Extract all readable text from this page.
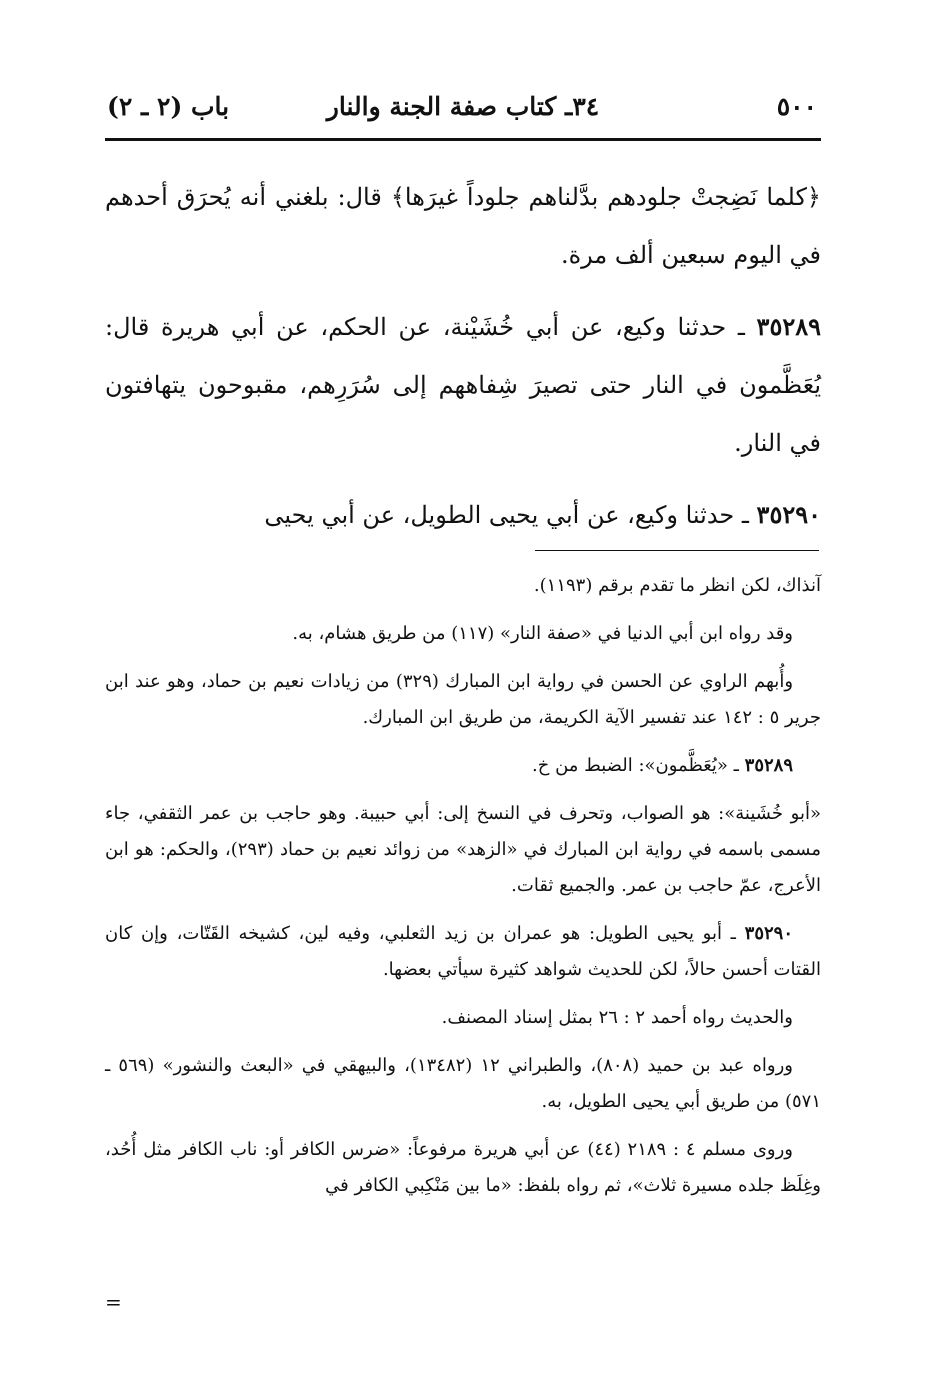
٥٠٠
٣٤ـ كتاب صفة الجنة والنار
باب (٢ ـ ٢)

﴿كلما نَضِجتْ جلودهم بدَّلناهم جلوداً غيرَها﴾ قال: بلغني أنه يُحرَق أحدهم في اليوم سبعين ألف مرة.

٣٥٢٨٩ ـ حدثنا وكيع، عن أبي خُشَيْنة، عن الحكم، عن أبي هريرة قال: يُعَظَّمون في النار حتى تصيرَ شِفاههم إلى سُرَرِهم، مقبوحون يتهافتون في النار.

٣٥٢٩٠ ـ حدثنا وكيع، عن أبي يحيى الطويل، عن أبي يحيى

آنذاك، لكن انظر ما تقدم برقم (١١٩٣).

وقد رواه ابن أبي الدنيا في «صفة النار» (١١٧) من طريق هشام، به.

وأُبهم الراوي عن الحسن في رواية ابن المبارك (٣٢٩) من زيادات نعيم بن حماد، وهو عند ابن جرير ٥ : ١٤٢ عند تفسير الآية الكريمة، من طريق ابن المبارك.

٣٥٢٨٩ ـ «يُعَظَّمون»: الضبط من خ.

«أبو خُشَينة»: هو الصواب، وتحرف في النسخ إلى: أبي حبيبة. وهو حاجب بن عمر الثقفي، جاء مسمى باسمه في رواية ابن المبارك في «الزهد» من زوائد نعيم بن حماد (٢٩٣)، والحكم: هو ابن الأعرج، عمّ حاجب بن عمر. والجميع ثقات.

٣٥٢٩٠ ـ أبو يحيى الطويل: هو عمران بن زيد الثعلبي، وفيه لين، كشيخه القَتّات، وإن كان القتات أحسن حالاً، لكن للحديث شواهد كثيرة سيأتي بعضها.

والحديث رواه أحمد ٢ : ٢٦ بمثل إسناد المصنف.

ورواه عبد بن حميد (٨٠٨)، والطبراني ١٢ (١٣٤٨٢)، والبيهقي في «البعث والنشور» (٥٦٩ ـ ٥٧١) من طريق أبي يحيى الطويل، به.

وروى مسلم ٤ : ٢١٨٩ (٤٤) عن أبي هريرة مرفوعاً: «ضرس الكافر أو: ناب الكافر مثل أُحُد، وغِلَظ جلده مسيرة ثلاث»، ثم رواه بلفظ: «ما بين مَنْكِبي الكافر في

=
